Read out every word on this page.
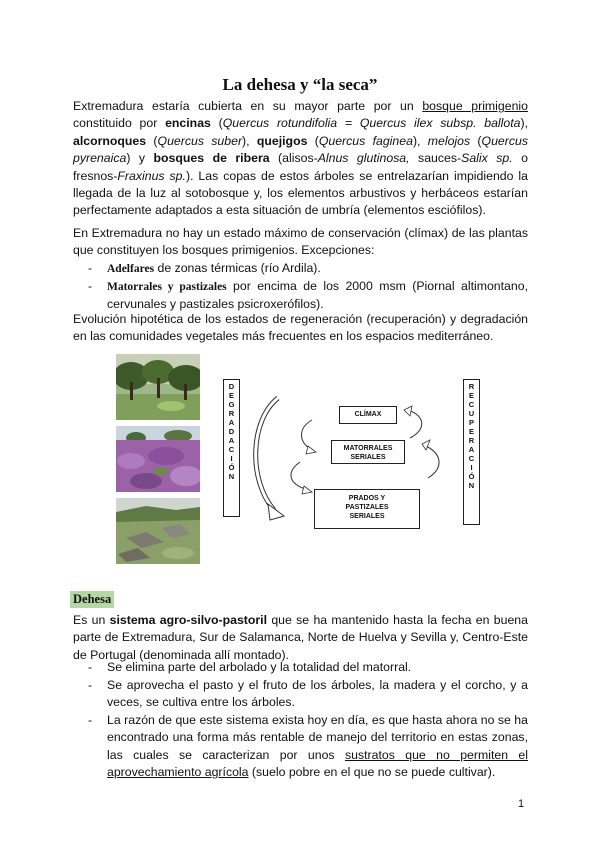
La dehesa y “la seca”
Extremadura estaría cubierta en su mayor parte por un bosque primigenio constituido por encinas (Quercus rotundifolia = Quercus ilex subsp. ballota), alcornoques (Quercus suber), quejigos (Quercus faginea), melojos (Quercus pyrenaica) y bosques de ribera (alisos-Alnus glutinosa, sauces-Salix sp. o fresnos-Fraxinus sp.). Las copas de estos árboles se entrelazarían impidiendo la llegada de la luz al sotobosque y, los elementos arbustivos y herbáceos estarían perfectamente adaptados a esta situación de umbría (elementos esciófilos).
En Extremadura no hay un estado máximo de conservación (clímax) de las plantas que constituyen los bosques primigenios. Excepciones:
-	Adelfares de zonas térmicas (río Ardila).
-	Matorrales y pastizales por encima de los 2000 msm (Piornal altimontano, cervunales y pastizales psicroxerófilos).
Evolución hipotética de los estados de regeneración (recuperación) y degradación en las comunidades vegetales más frecuentes en los espacios mediterráneo.
D
E
G
R
A
D
A
C
I
Ó
N
R
E
C
U
P
E
R
A
C
I
Ó
N
CLÍMAX
MATORRALES
SERIALES
PRADOS Y
PASTIZALES
SERIALES
Dehesa
Es un sistema agro-silvo-pastoril que se ha mantenido hasta la fecha en buena parte de Extremadura, Sur de Salamanca, Norte de Huelva y Sevilla y, Centro-Este de Portugal (denominada allí montado).
-	Se elimina parte del arbolado y la totalidad del matorral.
-	Se aprovecha el pasto y el fruto de los árboles, la madera y el corcho, y a veces, se cultiva entre los árboles.
-	La razón de que este sistema exista hoy en día, es que hasta ahora no se ha encontrado una forma más rentable de manejo del territorio en estas zonas, las cuales se caracterizan por unos sustratos que no permiten el aprovechamiento agrícola (suelo pobre en el que no se puede cultivar).
1
